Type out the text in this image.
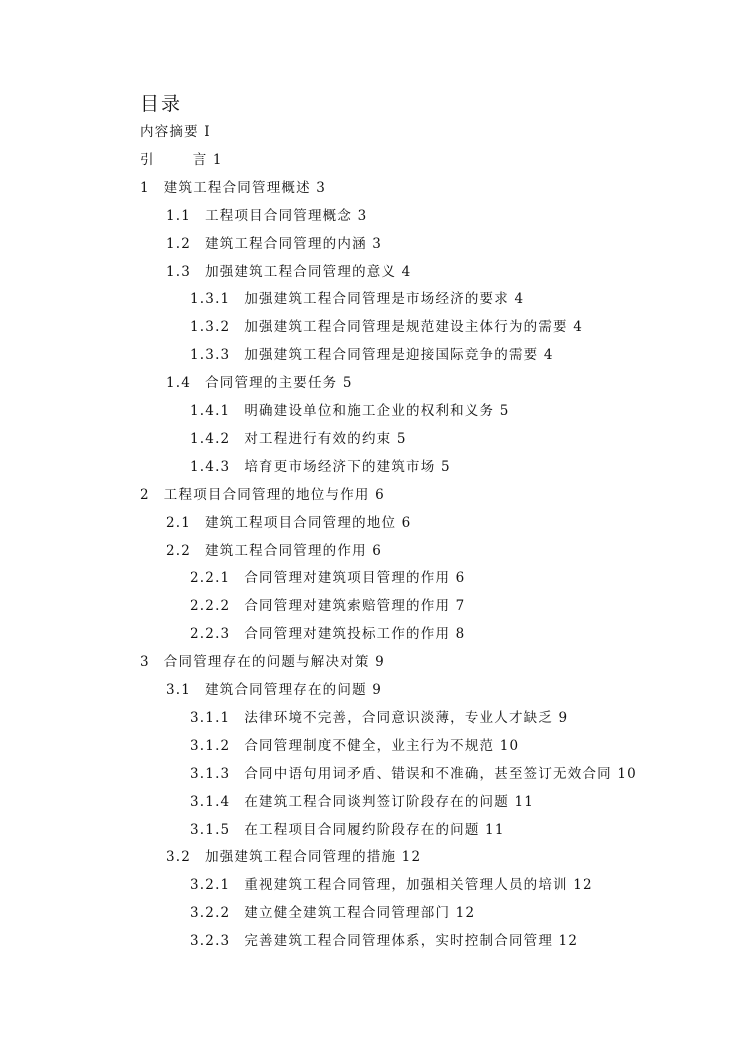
目录
内容摘要 I
引	言 1
1 建筑工程合同管理概述 3
1.1 工程项目合同管理概念 3
1.2 建筑工程合同管理的内涵 3
1.3 加强建筑工程合同管理的意义 4
1.3.1 加强建筑工程合同管理是市场经济的要求 4
1.3.2 加强建筑工程合同管理是规范建设主体行为的需要 4
1.3.3 加强建筑工程合同管理是迎接国际竞争的需要 4
1.4 合同管理的主要任务 5
1.4.1 明确建设单位和施工企业的权利和义务 5
1.4.2 对工程进行有效的约束 5
1.4.3 培育更市场经济下的建筑市场 5
2 工程项目合同管理的地位与作用 6
2.1 建筑工程项目合同管理的地位 6
2.2 建筑工程合同管理的作用 6
2.2.1 合同管理对建筑项目管理的作用 6
2.2.2 合同管理对建筑索赔管理的作用 7
2.2.3 合同管理对建筑投标工作的作用 8
3 合同管理存在的问题与解决对策 9
3.1 建筑合同管理存在的问题 9
3.1.1 法律环境不完善，合同意识淡薄，专业人才缺乏 9
3.1.2 合同管理制度不健全，业主行为不规范 10
3.1.3 合同中语句用词矛盾、错误和不准确，甚至签订无效合同 10
3.1.4 在建筑工程合同谈判签订阶段存在的问题 11
3.1.5 在工程项目合同履约阶段存在的问题 11
3.2 加强建筑工程合同管理的措施 12
3.2.1 重视建筑工程合同管理，加强相关管理人员的培训 12
3.2.2 建立健全建筑工程合同管理部门 12
3.2.3 完善建筑工程合同管理体系，实时控制合同管理 12
